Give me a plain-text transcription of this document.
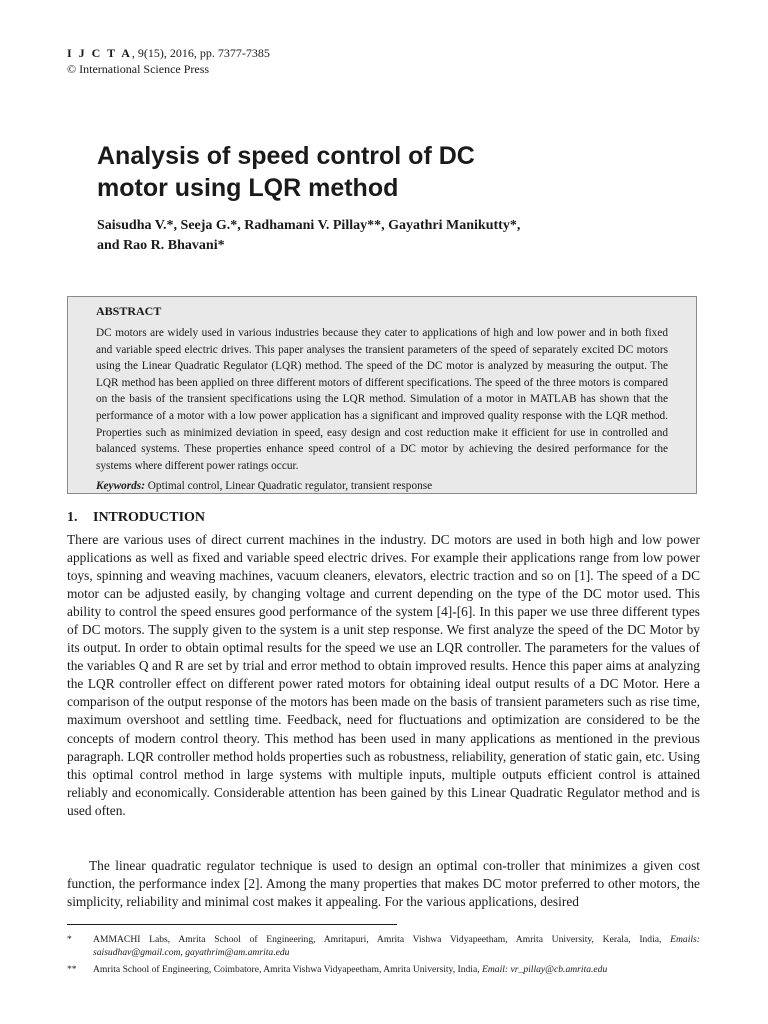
I J C T A, 9(15), 2016, pp. 7377-7385
© International Science Press
Analysis of speed control of DC
motor using LQR method
Saisudha V.*, Seeja G.*, Radhamani V. Pillay**, Gayathri Manikutty*,
and Rao R. Bhavani*

ABSTRACT

DC motors are widely used in various industries because they cater to applications of high and low power and in both fixed and variable speed electric drives. This paper analyses the transient parameters of the speed of separately excited DC motors using the Linear Quadratic Regulator (LQR) method. The speed of the DC motor is analyzed by measuring the output. The LQR method has been applied on three different motors of different specifications. The speed of the three motors is compared on the basis of the transient specifications using the LQR method. Simulation of a motor in MATLAB has shown that the performance of a motor with a low power application has a significant and improved quality response with the LQR method. Properties such as minimized deviation in speed, easy design and cost reduction make it efficient for use in controlled and balanced systems. These properties enhance speed control of a DC motor by achieving the desired performance for the systems where different power ratings occur.

Keywords: Optimal control, Linear Quadratic regulator, transient response
1. INTRODUCTION

There are various uses of direct current machines in the industry. DC motors are used in both high and low power applications as well as fixed and variable speed electric drives. For example their applications range from low power toys, spinning and weaving machines, vacuum cleaners, elevators, electric traction and so on [1]. The speed of a DC motor can be adjusted easily, by changing voltage and current depending on the type of the DC motor used. This ability to control the speed ensures good performance of the system [4]-[6]. In this paper we use three different types of DC motors. The supply given to the system is a unit step response. We first analyze the speed of the DC Motor by its output. In order to obtain optimal results for the speed we use an LQR controller. The parameters for the values of the variables Q and R are set by trial and error method to obtain improved results. Hence this paper aims at analyzing the LQR controller effect on different power rated motors for obtaining ideal output results of a DC Motor. Here a comparison of the output response of the motors has been made on the basis of transient parameters such as rise time, maximum overshoot and settling time. Feedback, need for fluctuations and optimization are considered to be the concepts of modern control theory. This method has been used in many applications as mentioned in the previous paragraph. LQR controller method holds properties such as robustness, reliability, generation of static gain, etc. Using this optimal control method in large systems with multiple inputs, multiple outputs efficient control is attained reliably and economically. Considerable attention has been gained by this Linear Quadratic Regulator method and is used often.

The linear quadratic regulator technique is used to design an optimal con-troller that minimizes a given cost function, the performance index [2]. Among the many properties that makes DC motor preferred to other motors, the simplicity, reliability and minimal cost makes it appealing. For the various applications, desired

*	AMMACHI Labs, Amrita School of Engineering, Amritapuri, Amrita Vishwa Vidyapeetham, Amrita University, Kerala, India, Emails: saisudhav@gmail.com, gayathrim@am.amrita.edu
**	Amrita School of Engineering, Coimbatore, Amrita Vishwa Vidyapeetham, Amrita University, India, Email: vr_pillay@cb.amrita.edu
